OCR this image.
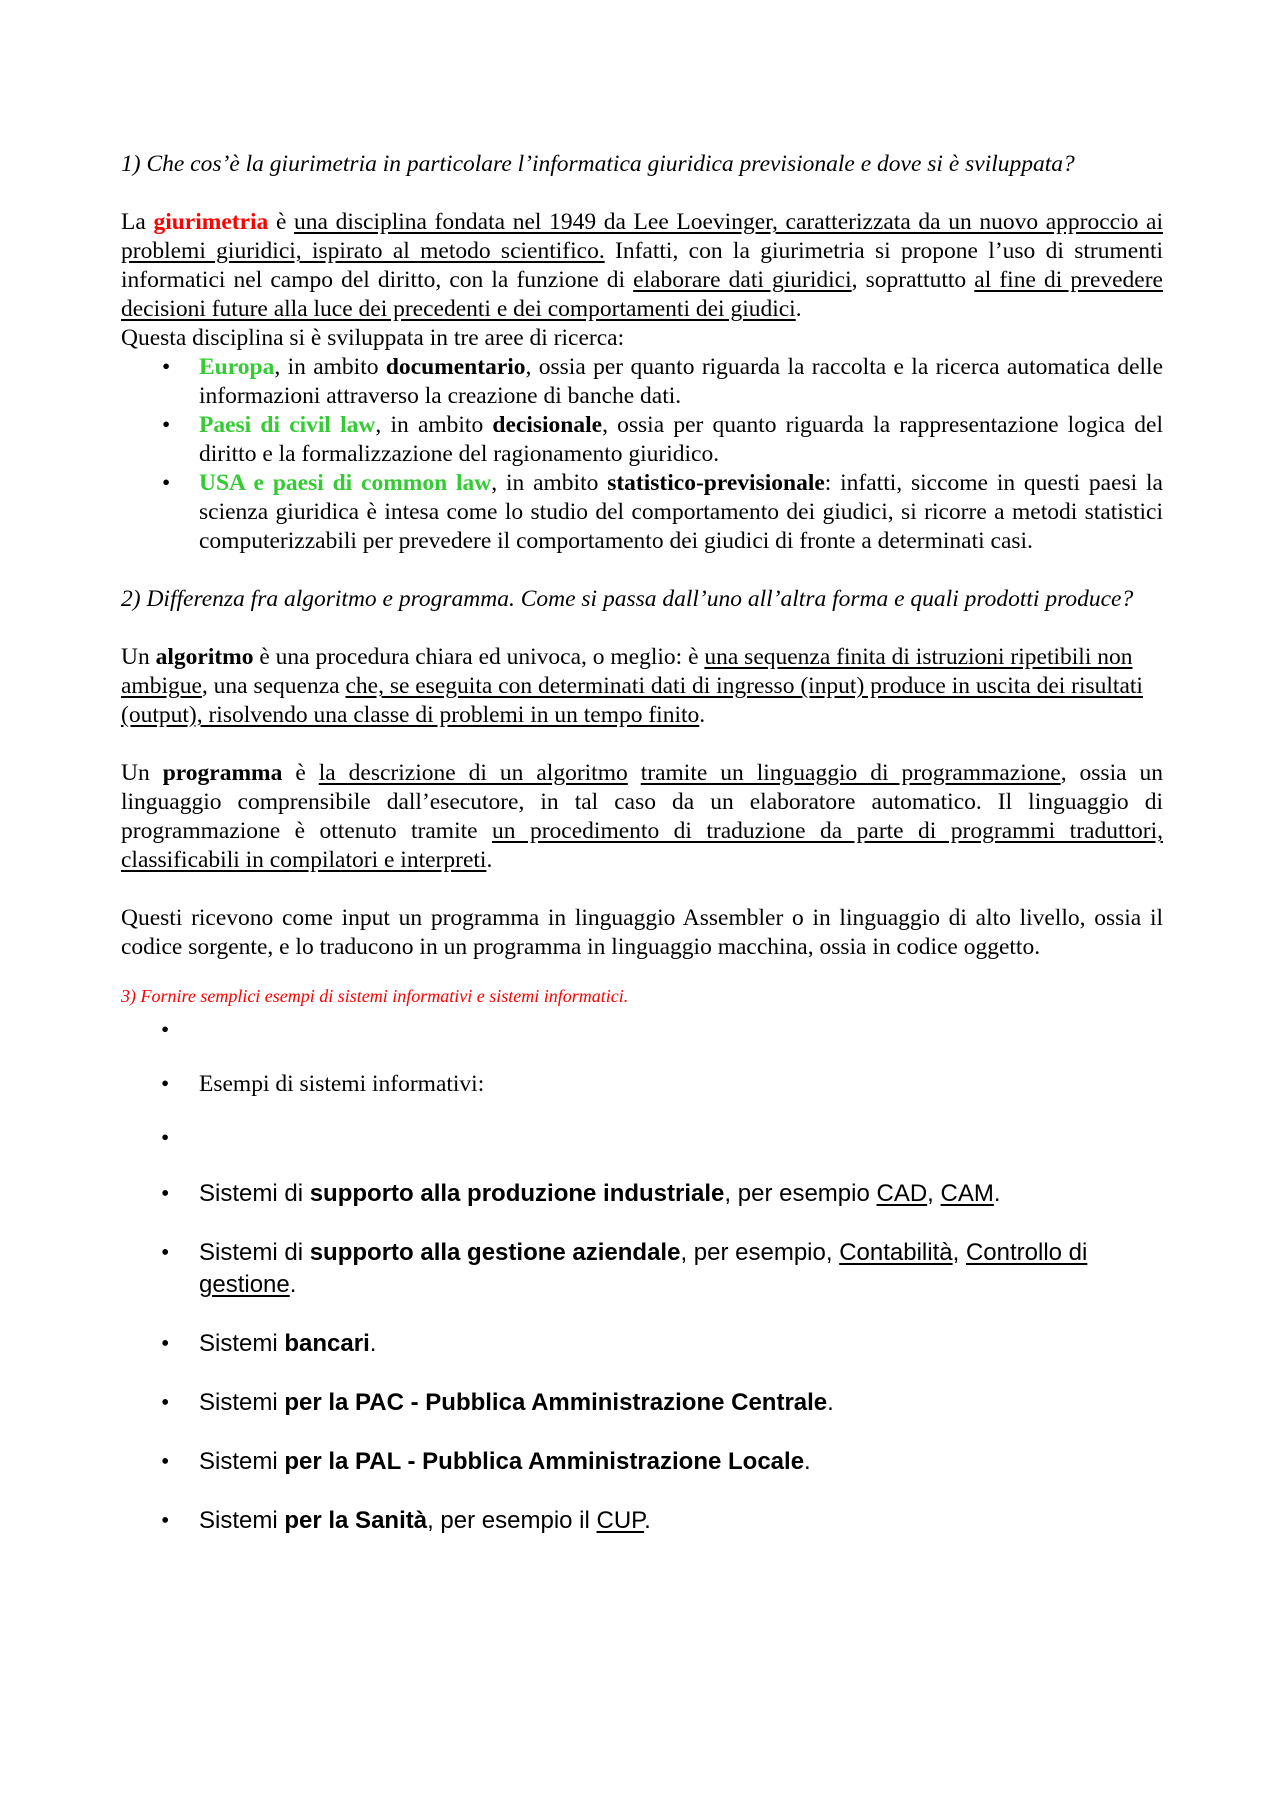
1) Che cos’è la giurimetria in particolare l’informatica giuridica previsionale e dove si è sviluppata?

La giurimetria è una disciplina fondata nel 1949 da Lee Loevinger, caratterizzata da un nuovo approccio ai problemi giuridici, ispirato al metodo scientifico. Infatti, con la giurimetria si propone l’uso di strumenti informatici nel campo del diritto, con la funzione di elaborare dati giuridici, soprattutto al fine di prevedere decisioni future alla luce dei precedenti e dei comportamenti dei giudici.

Questa disciplina si è sviluppata in tre aree di ricerca:

• Europa, in ambito documentario, ossia per quanto riguarda la raccolta e la ricerca automatica delle informazioni attraverso la creazione di banche dati.
• Paesi di civil law, in ambito decisionale, ossia per quanto riguarda la rappresentazione logica del diritto e la formalizzazione del ragionamento giuridico.
• USA e paesi di common law, in ambito statistico-previsionale: infatti, siccome in questi paesi la scienza giuridica è intesa come lo studio del comportamento dei giudici, si ricorre a metodi statistici computerizzabili per prevedere il comportamento dei giudici di fronte a determinati casi.

2) Differenza fra algoritmo e programma. Come si passa dall’uno all’altra forma e quali prodotti produce?

Un algoritmo è una procedura chiara ed univoca, o meglio: è una sequenza finita di istruzioni ripetibili non ambigue, una sequenza che, se eseguita con determinati dati di ingresso (input) produce in uscita dei risultati (output), risolvendo una classe di problemi in un tempo finito.

Un programma è la descrizione di un algoritmo tramite un linguaggio di programmazione, ossia un linguaggio comprensibile dall’esecutore, in tal caso da un elaboratore automatico. Il linguaggio di programmazione è ottenuto tramite un procedimento di traduzione da parte di programmi traduttori, classificabili in compilatori e interpreti.

Questi ricevono come input un programma in linguaggio Assembler o in linguaggio di alto livello, ossia il codice sorgente, e lo traducono in un programma in linguaggio macchina, ossia in codice oggetto.

3) Fornire semplici esempi di sistemi informativi e sistemi informatici.

•

• Esempi di sistemi informativi:
•

• Sistemi di supporto alla produzione industriale, per esempio CAD, CAM.
• Sistemi di supporto alla gestione aziendale, per esempio, Contabilità, Controllo di gestione.
• Sistemi bancari.
• Sistemi per la PAC - Pubblica Amministrazione Centrale.
• Sistemi per la PAL - Pubblica Amministrazione Locale.
• Sistemi per la Sanità, per esempio il CUP.
